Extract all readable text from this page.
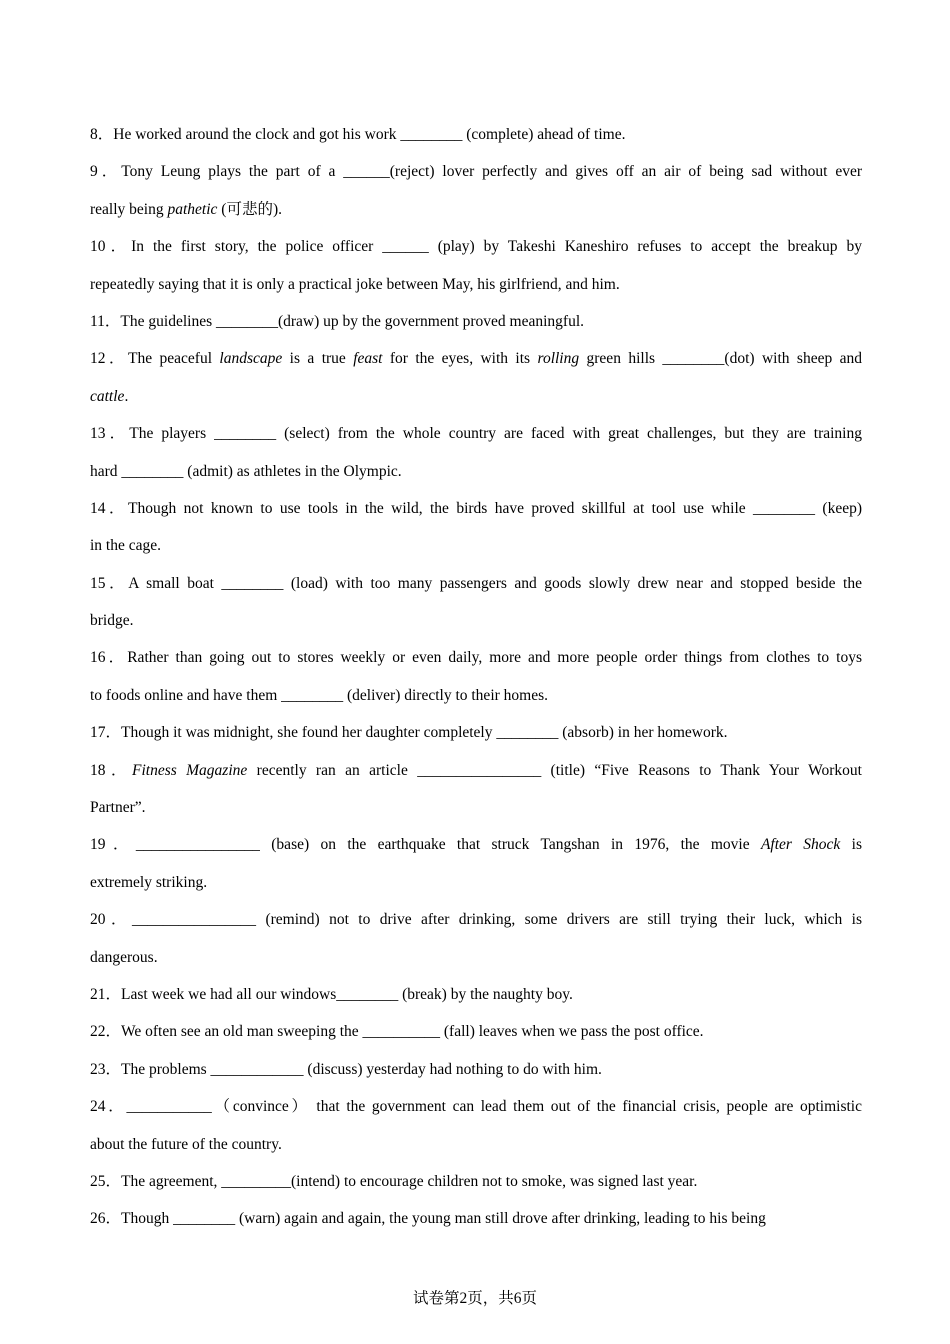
8．He worked around the clock and got his work ________ (complete) ahead of time.
9．Tony Leung plays the part of a ______(reject) lover perfectly and gives off an air of being sad without ever
really being pathetic (可悲的).
10．In the first story, the police officer ______ (play) by Takeshi Kaneshiro refuses to accept the breakup by
repeatedly saying that it is only a practical joke between May, his girlfriend, and him.
11．The guidelines ________(draw) up by the government proved meaningful.
12．The peaceful landscape is a true feast for the eyes, with its rolling green hills ________(dot) with sheep and
cattle.
13．The players ________ (select) from the whole country are faced with great challenges, but they are training
hard ________ (admit) as athletes in the Olympic.
14．Though not known to use tools in the wild, the birds have proved skillful at tool use while ________ (keep)
in the cage.
15．A small boat ________ (load) with too many passengers and goods slowly drew near and stopped beside the
bridge.
16．Rather than going out to stores weekly or even daily, more and more people order things from clothes to toys
to foods online and have them ________ (deliver) directly to their homes.
17．Though it was midnight, she found her daughter completely ________ (absorb) in her homework.
18．Fitness Magazine recently ran an article ________________ (title) “Five Reasons to Thank Your Workout
Partner”.
19．________________ (base) on the earthquake that struck Tangshan in 1976, the movie After Shock is
extremely striking.
20．________________ (remind) not to drive after drinking, some drivers are still trying their luck, which is
dangerous.
21．Last week we had all our windows________ (break) by the naughty boy.
22．We often see an old man sweeping the __________ (fall) leaves when we pass the post office.
23．The problems ____________ (discuss) yesterday had nothing to do with him.
24．___________（convince） that the government can lead them out of the financial crisis, people are optimistic
about the future of the country.
25．The agreement, _________(intend) to encourage children not to smoke, was signed last year.
26．Though ________ (warn) again and again, the young man still drove after drinking, leading to his being
试卷第2页，共6页
